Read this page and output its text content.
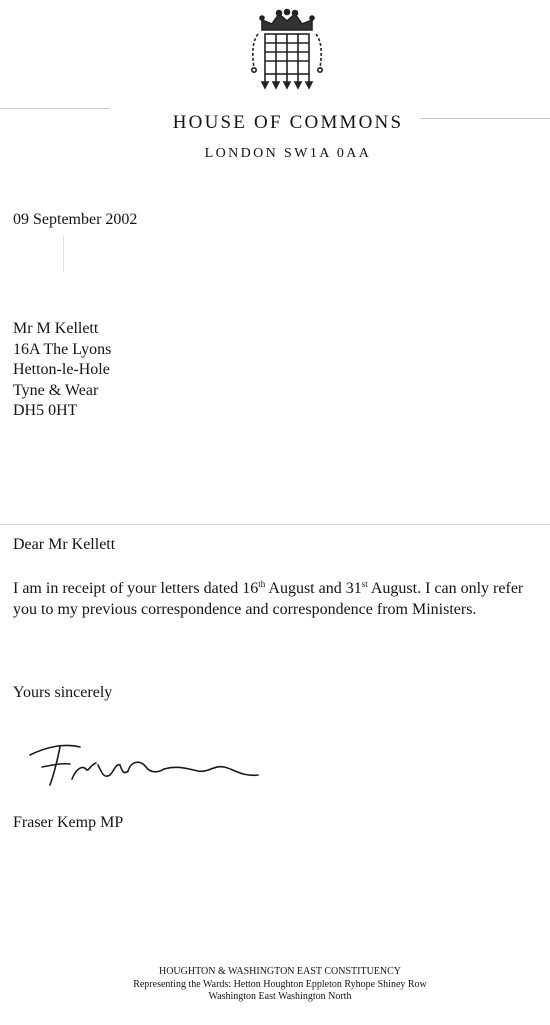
HOUSE OF COMMONS
LONDON SW1A 0AA
09 September 2002
Mr M Kellett
16A The Lyons
Hetton-le-Hole
Tyne & Wear
DH5 0HT
Dear Mr Kellett
I am in receipt of your letters dated 16th August and 31st August. I can only refer you to my previous correspondence and correspondence from Ministers.
Yours sincerely
Fraser Kemp MP
HOUGHTON & WASHINGTON EAST CONSTITUENCY
Representing the Wards: Hetton Houghton Eppleton Ryhope Shiney Row
Washington East Washington North
